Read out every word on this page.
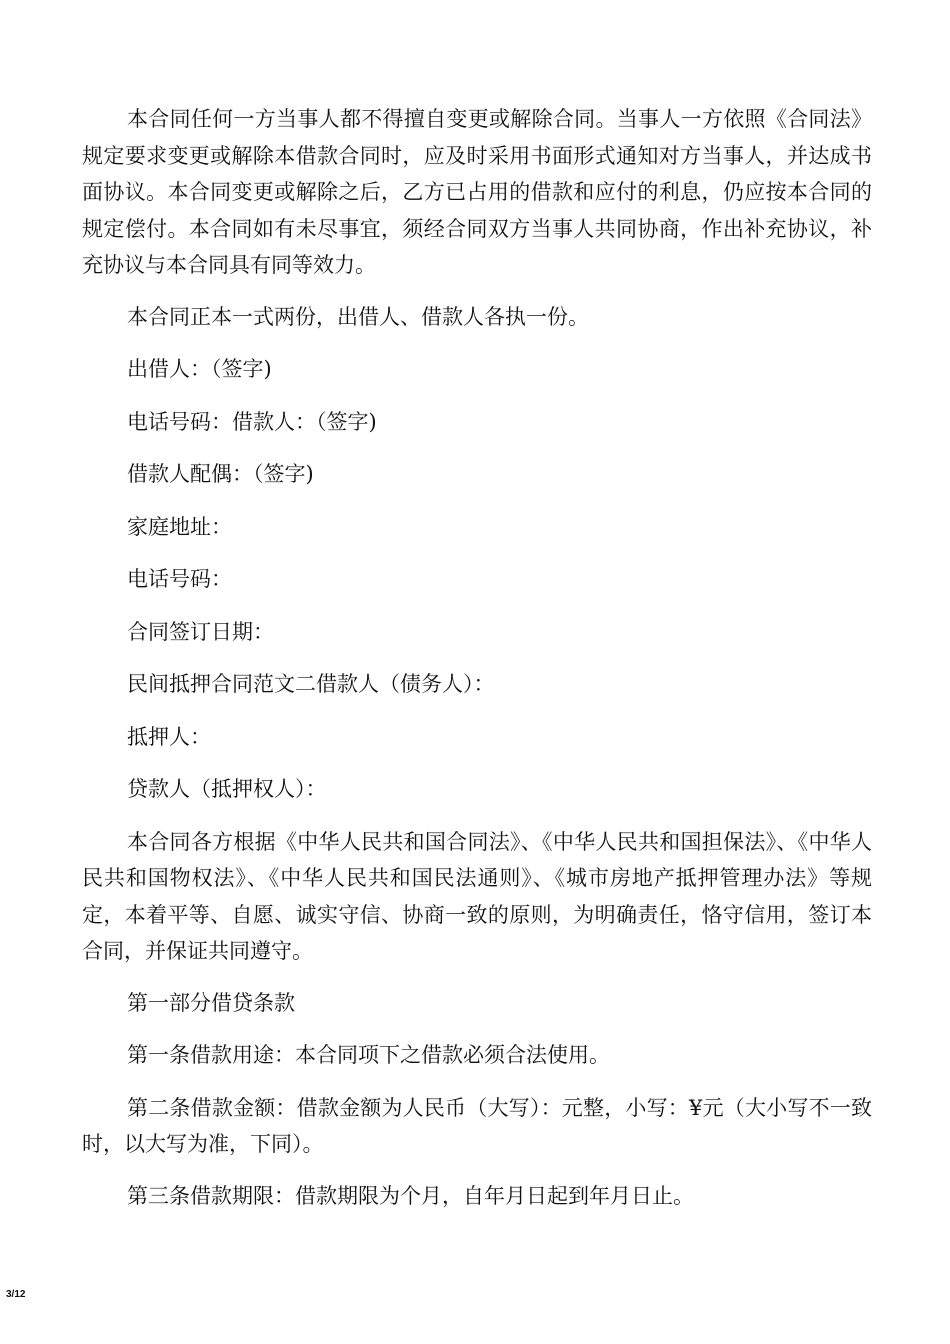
本合同任何一方当事人都不得擅自变更或解除合同。当事人一方依照《合同法》规定要求变更或解除本借款合同时，应及时采用书面形式通知对方当事人，并达成书面协议。本合同变更或解除之后，乙方已占用的借款和应付的利息，仍应按本合同的规定偿付。本合同如有未尽事宜，须经合同双方当事人共同协商，作出补充协议，补充协议与本合同具有同等效力。

本合同正本一式两份，出借人、借款人各执一份。

出借人：（签字)

电话号码：借款人：（签字)

借款人配偶：（签字)

家庭地址：

电话号码：

合同签订日期：

民间抵押合同范文二借款人（债务人）：

抵押人：

贷款人（抵押权人）：

本合同各方根据《中华人民共和国合同法》、《中华人民共和国担保法》、《中华人民共和国物权法》、《中华人民共和国民法通则》、《城市房地产抵押管理办法》等规定，本着平等、自愿、诚实守信、协商一致的原则，为明确责任，恪守信用，签订本合同，并保证共同遵守。

第一部分借贷条款

第一条借款用途：本合同项下之借款必须合法使用。

第二条借款金额：借款金额为人民币（大写）：元整，小写：¥元（大小写不一致时，以大写为准，下同）。

第三条借款期限：借款期限为个月，自年月日起到年月日止。

3/12
